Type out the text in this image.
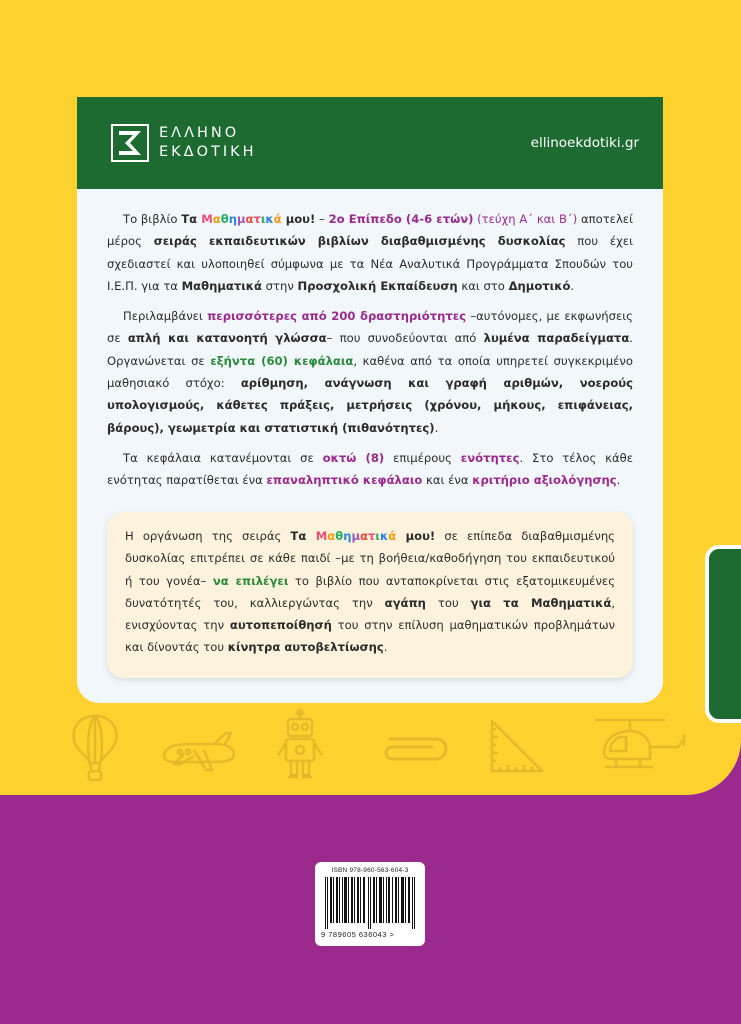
ΕΛΛΗΝΟ
ΕΚΔΟΤΙΚΗ
ellinoekdotiki.gr

Το βιβλίο Τα Μαθηματικά μου! – 2ο Επίπεδο (4-6 ετών) (τεύχη Α΄ και Β΄) αποτελεί μέρος σειράς εκπαιδευτικών βιβλίων διαβαθμισμένης δυσκολίας που έχει σχεδιαστεί και υλοποιηθεί σύμφωνα με τα Νέα Αναλυτικά Προγράμματα Σπουδών του Ι.Ε.Π. για τα Μαθηματικά στην Προσχολική Εκπαίδευση και στο Δημοτικό.

Περιλαμβάνει περισσότερες από 200 δραστηριότητες –αυτόνομες, με εκφωνήσεις σε απλή και κατανοητή γλώσσα– που συνοδεύονται από λυμένα παραδείγματα. Οργανώνεται σε εξήντα (60) κεφάλαια, καθένα από τα οποία υπηρετεί συγκεκριμένο μαθησιακό στόχο: αρίθμηση, ανάγνωση και γραφή αριθμών, νοερούς υπολογισμούς, κάθετες πράξεις, μετρήσεις (χρόνου, μήκους, επιφάνειας, βάρους), γεωμετρία και στατιστική (πιθανότητες).

Τα κεφάλαια κατανέμονται σε οκτώ (8) επιμέρους ενότητες. Στο τέλος κάθε ενότητας παρατίθεται ένα επαναληπτικό κεφάλαιο και ένα κριτήριο αξιολόγησης.

Η οργάνωση της σειράς Τα Μαθηματικά μου! σε επίπεδα διαβαθμισμένης δυσκολίας επιτρέπει σε κάθε παιδί –με τη βοήθεια/καθοδήγηση του εκπαιδευτικού ή του γονέα– να επιλέγει το βιβλίο που ανταποκρίνεται στις εξατομικευμένες δυνατότητές του, καλλιεργώντας την αγάπη του για τα Μαθηματικά, ενισχύοντας την αυτοπεποίθησή του στην επίλυση μαθηματικών προβλημάτων και δίνοντάς του κίνητρα αυτοβελτίωσης.
ISBN 978-960-563-604-3
9 789605 636043 >
